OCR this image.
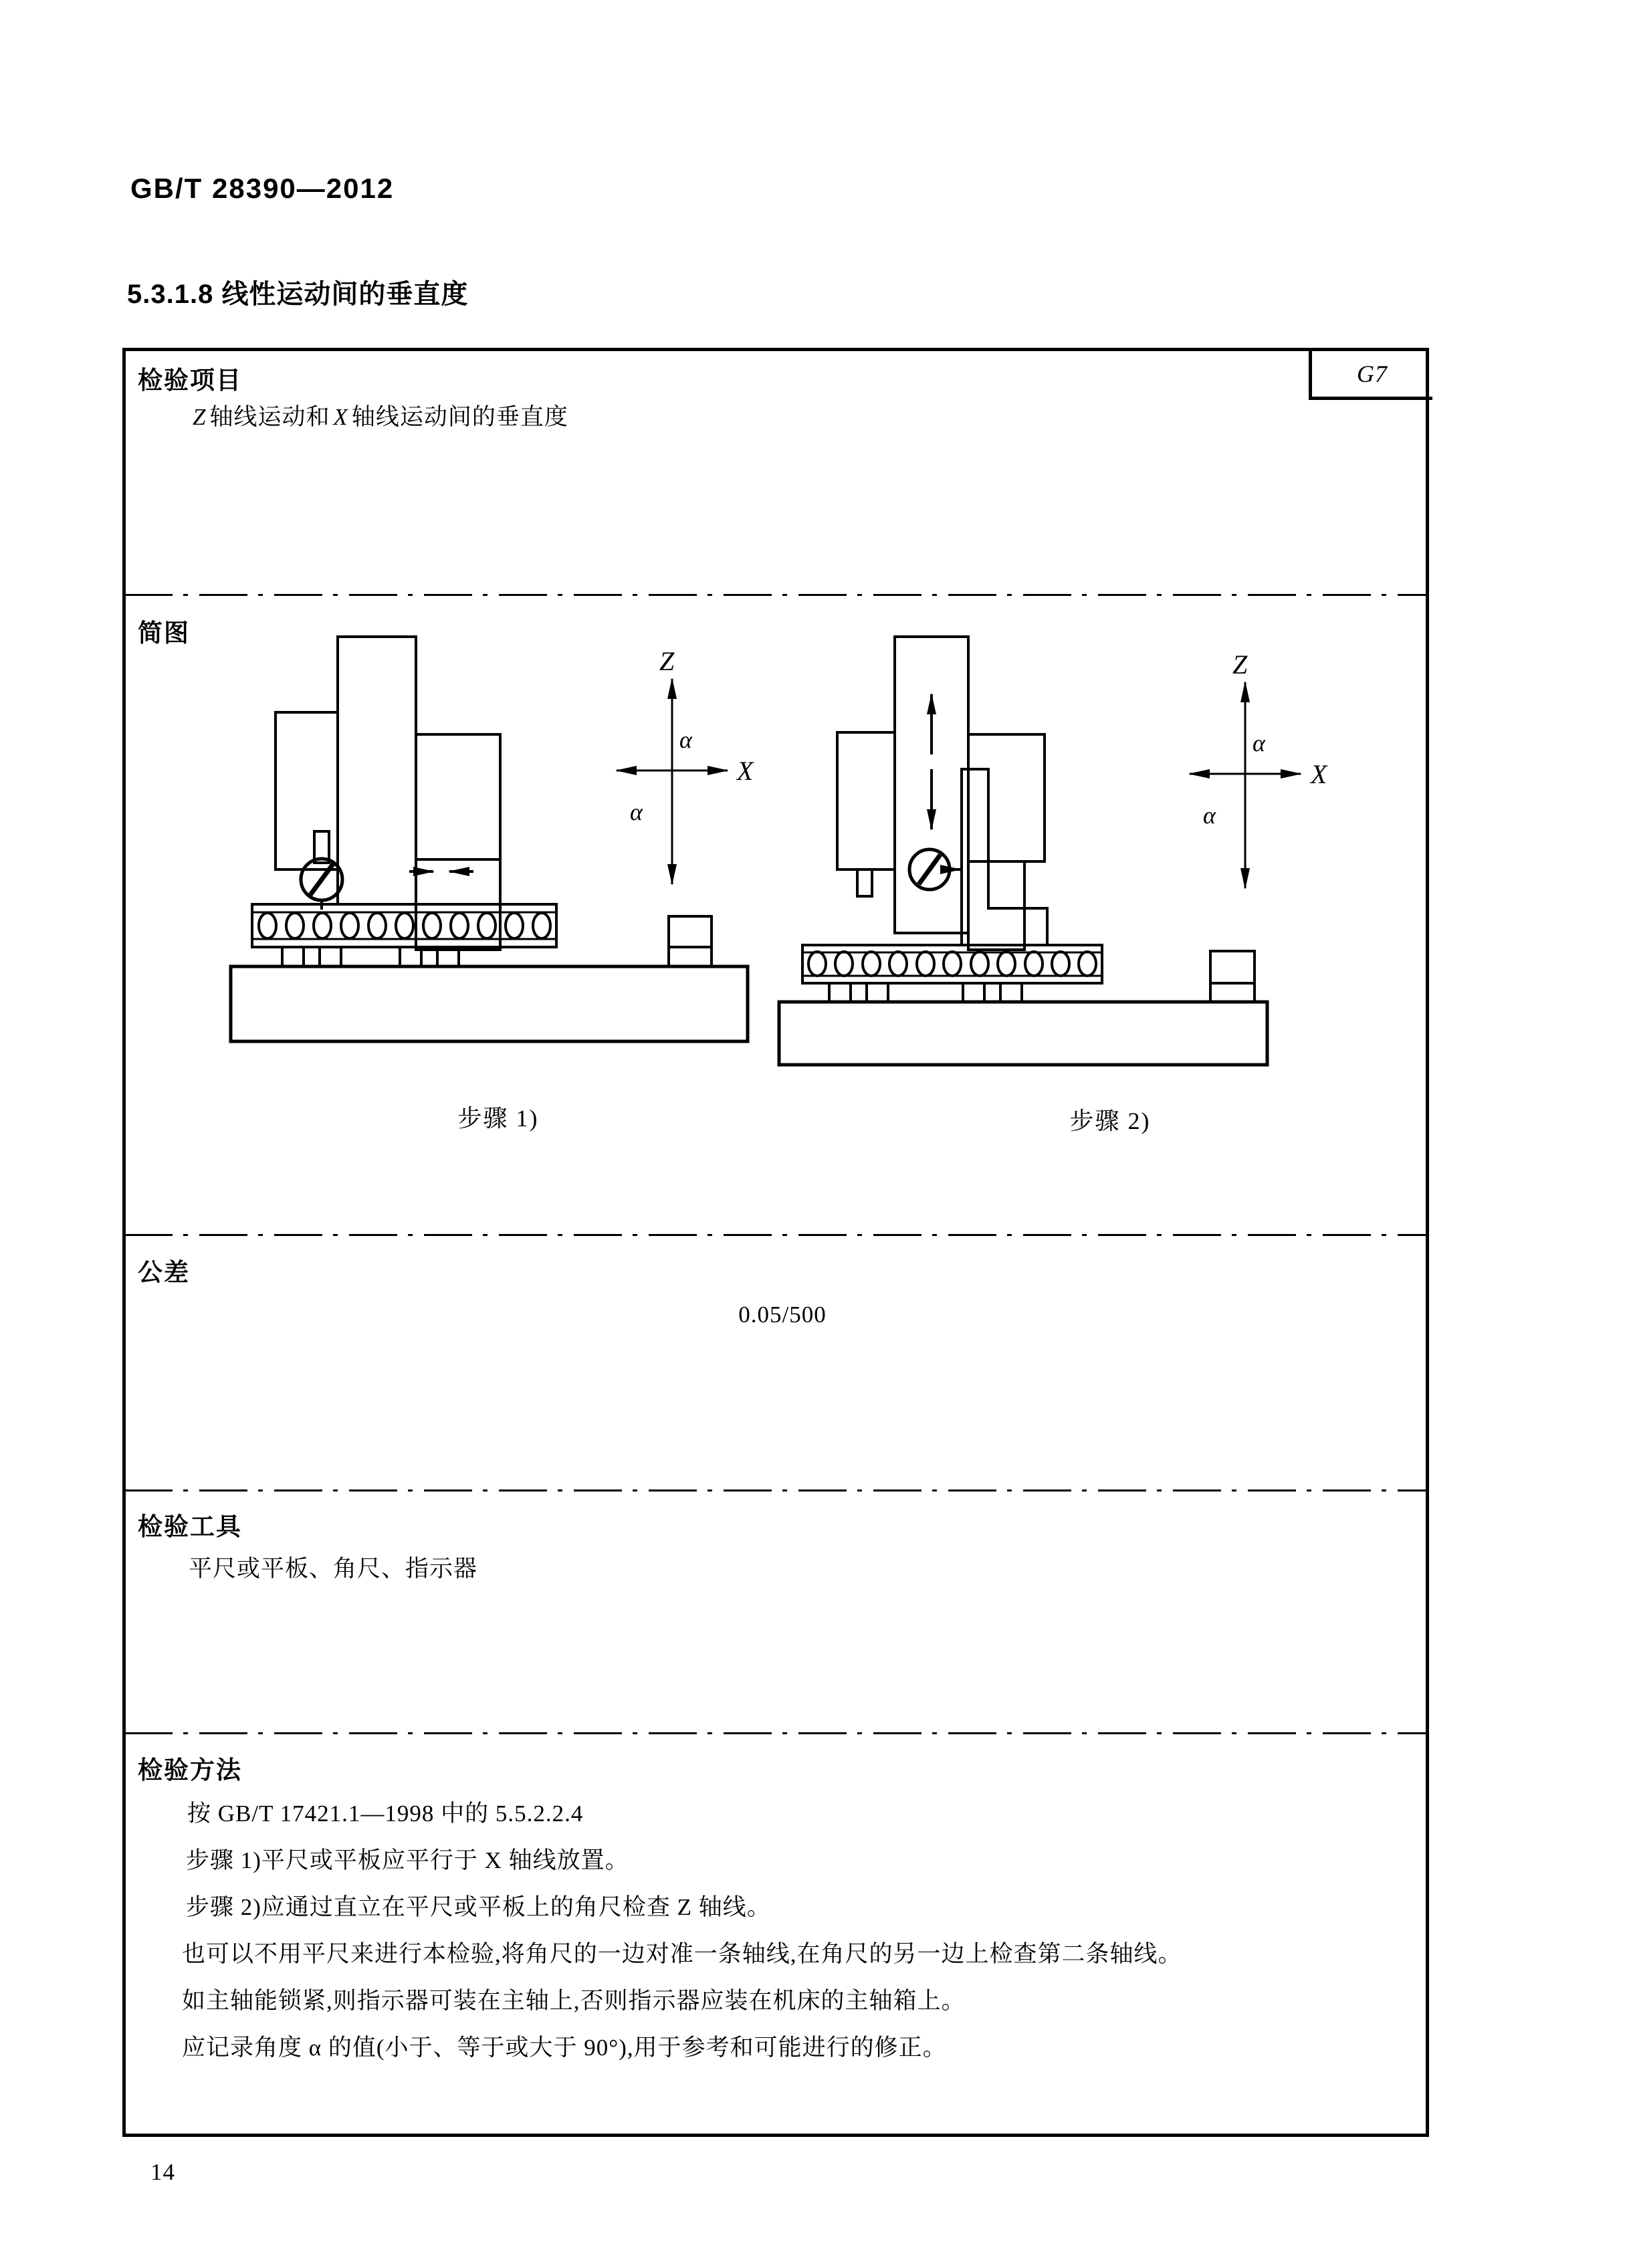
GB/T 28390—2012
5.3.1.8 线性运动间的垂直度
G7
检验项目
Z 轴线运动和 X 轴线运动间的垂直度
简图
Z
X
α
α
Z
X
α
α
步骤 1)	步骤 2)
公差
0.05/500
检验工具
平尺或平板、角尺、指示器
检验方法
按 GB/T 17421.1—1998 中的 5.5.2.2.4
步骤 1)平尺或平板应平行于 X 轴线放置。
步骤 2)应通过直立在平尺或平板上的角尺检查 Z 轴线。
也可以不用平尺来进行本检验,将角尺的一边对准一条轴线,在角尺的另一边上检查第二条轴线。
如主轴能锁紧,则指示器可装在主轴上,否则指示器应装在机床的主轴箱上。
应记录角度 α 的值(小于、等于或大于 90°),用于参考和可能进行的修正。
14
